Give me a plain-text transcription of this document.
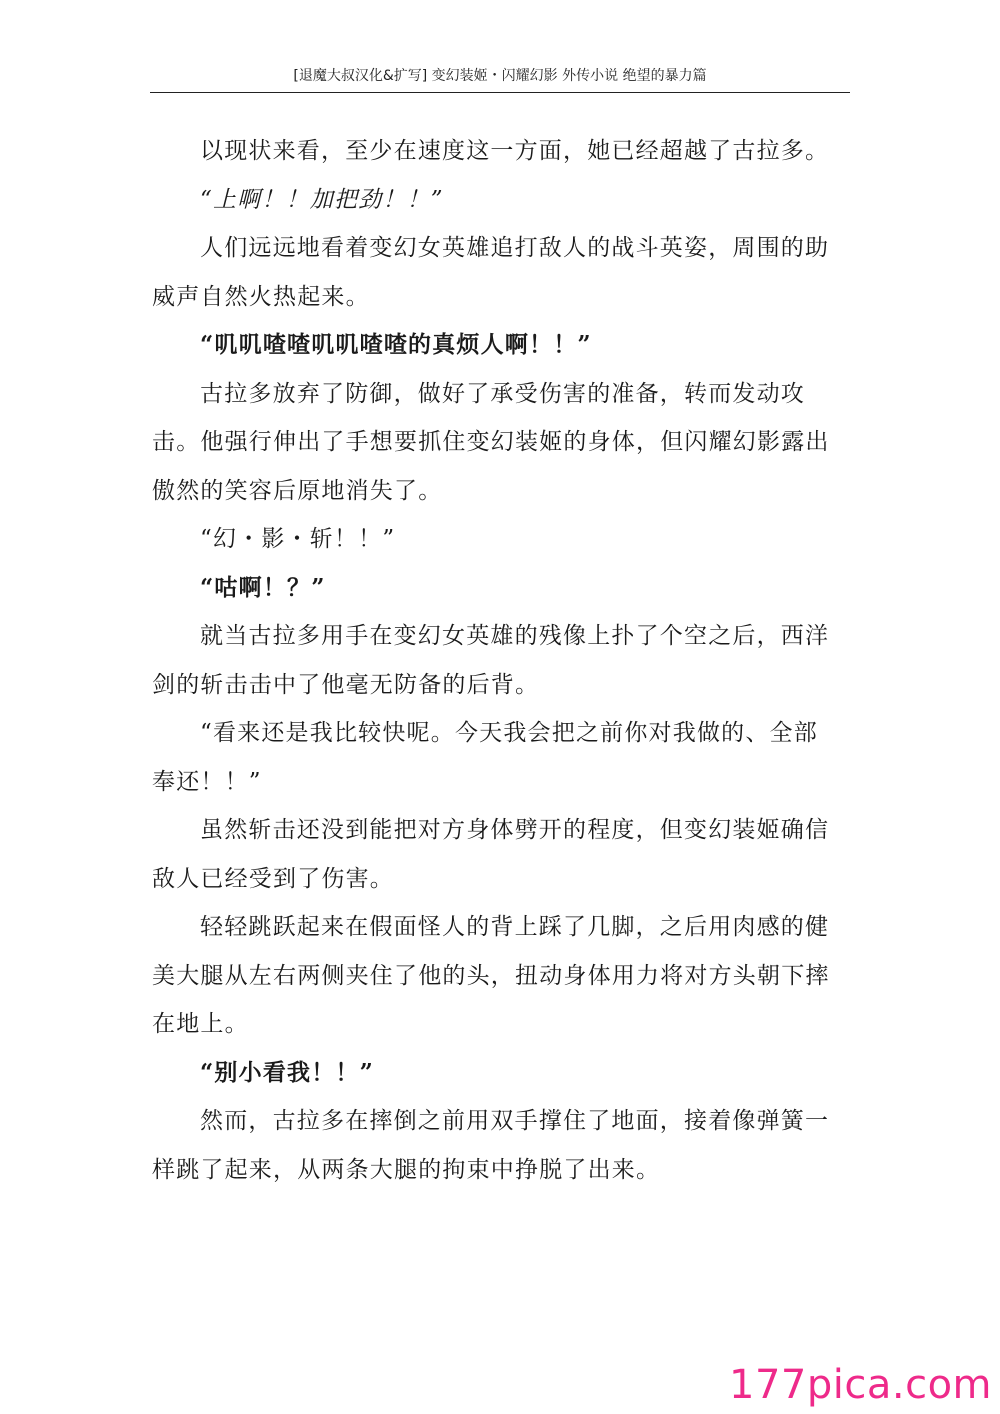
[退魔大叔汉化&扩写] 变幻装姬・闪耀幻影 外传小说 绝望的暴力篇

以现状来看，至少在速度这一方面，她已经超越了古拉多。

“上啊！！加把劲！！”

人们远远地看着变幻女英雄追打敌人的战斗英姿，周围的助威声自然火热起来。

“叽叽喳喳叽叽喳喳的真烦人啊！！”

古拉多放弃了防御，做好了承受伤害的准备，转而发动攻击。他强行伸出了手想要抓住变幻装姬的身体，但闪耀幻影露出傲然的笑容后原地消失了。

“幻・影・斩！！”

“咕啊！？”

就当古拉多用手在变幻女英雄的残像上扑了个空之后，西洋剑的斩击击中了他毫无防备的后背。

“看来还是我比较快呢。今天我会把之前你对我做的、全部奉还！！”

虽然斩击还没到能把对方身体劈开的程度，但变幻装姬确信敌人已经受到了伤害。

轻轻跳跃起来在假面怪人的背上踩了几脚，之后用肉感的健美大腿从左右两侧夹住了他的头，扭动身体用力将对方头朝下摔在地上。

“别小看我！！”

然而，古拉多在摔倒之前用双手撑住了地面，接着像弹簧一样跳了起来，从两条大腿的拘束中挣脱了出来。

177pica.com
